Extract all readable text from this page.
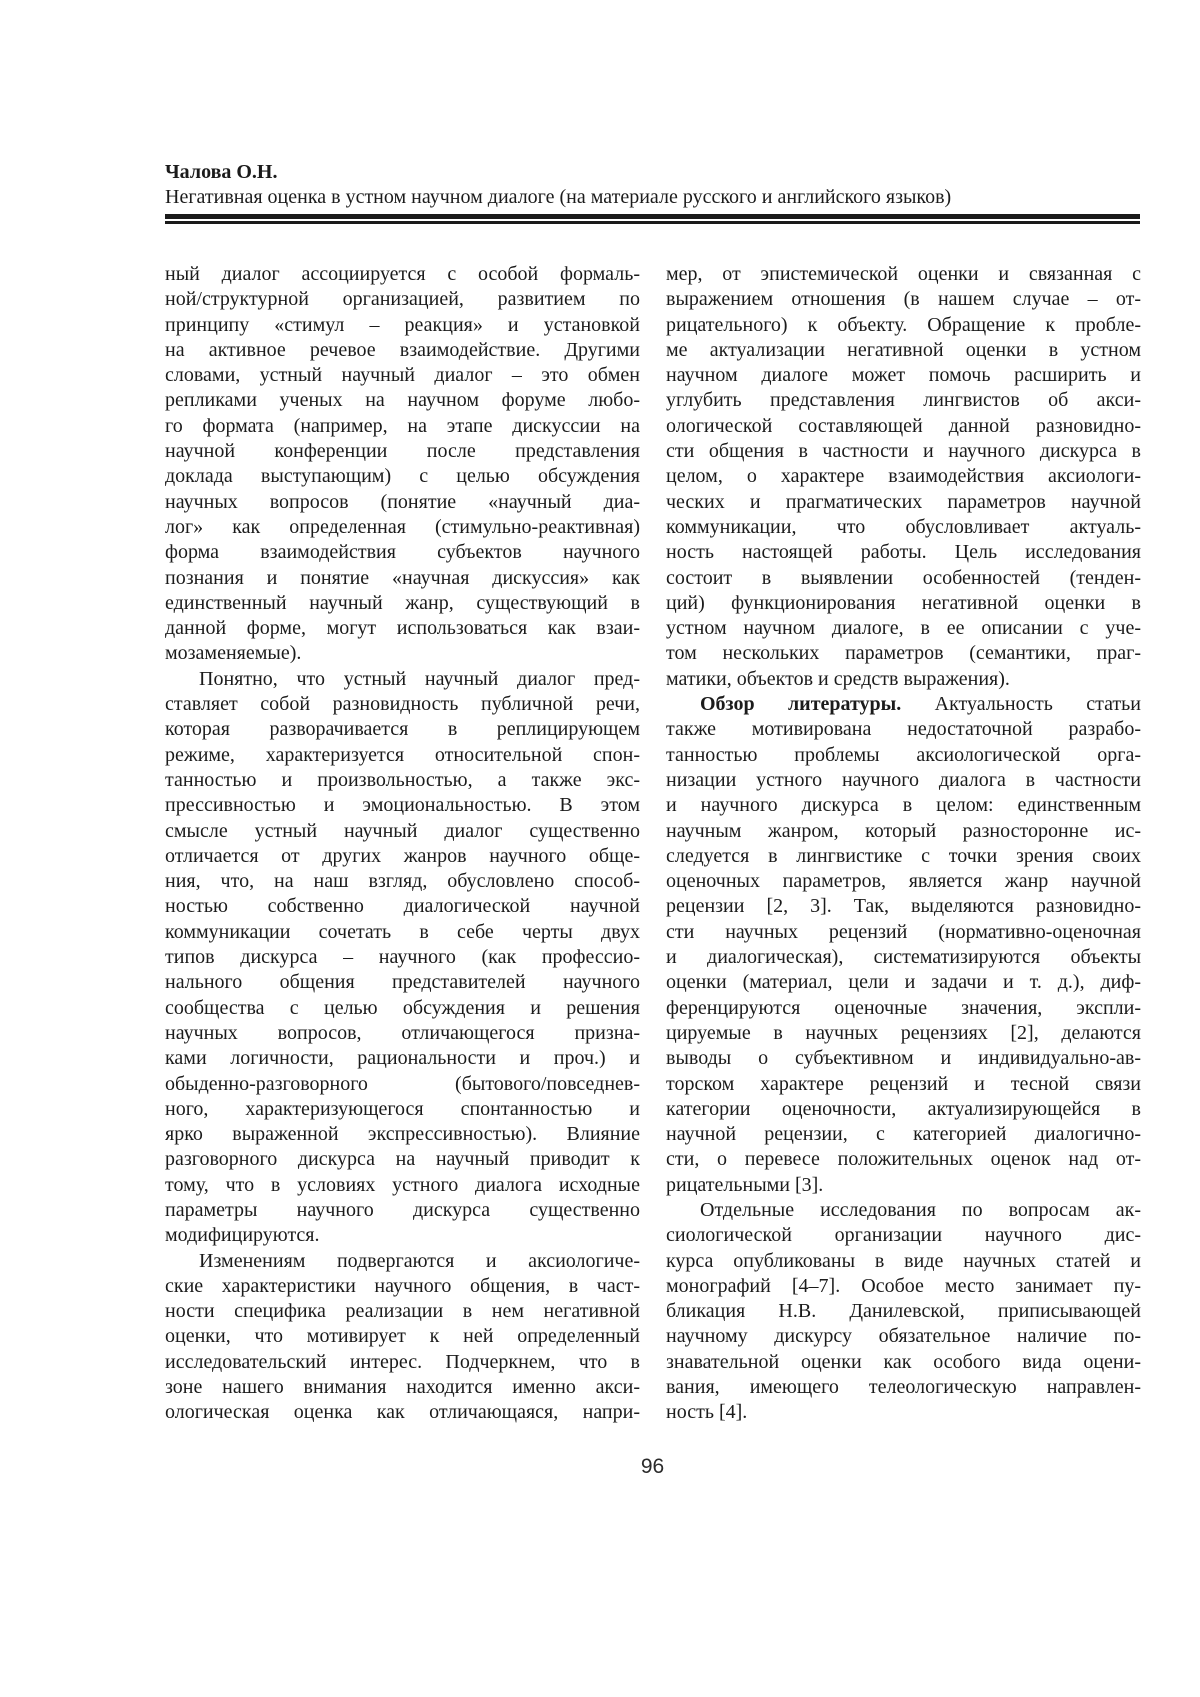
Чалова О.Н.
Негативная оценка в устном научном диалоге (на материале русского и английского языков)
ный диалог ассоциируется с особой формаль-
ной/структурной организацией, развитием по
принципу «стимул – реакция» и установкой
на активное речевое взаимодействие. Другими
словами, устный научный диалог – это обмен
репликами ученых на научном форуме любо-
го формата (например, на этапе дискуссии на
научной конференции после представления
доклада выступающим) с целью обсуждения
научных вопросов (понятие «научный диа-
лог» как определенная (стимульно-реактивная)
форма взаимодействия субъектов научного
познания и понятие «научная дискуссия» как
единственный научный жанр, существующий в
данной форме, могут использоваться как взаи-
мозаменяемые).
Понятно, что устный научный диалог пред-
ставляет собой разновидность публичной речи,
которая разворачивается в реплицирующем
режиме, характеризуется относительной спон-
танностью и произвольностью, а также экс-
прессивностью и эмоциональностью. В этом
смысле устный научный диалог существенно
отличается от других жанров научного обще-
ния, что, на наш взгляд, обусловлено способ-
ностью собственно диалогической научной
коммуникации сочетать в себе черты двух
типов дискурса – научного (как профессио-
нального общения представителей научного
сообщества с целью обсуждения и решения
научных вопросов, отличающегося призна-
ками логичности, рациональности и проч.) и
обыденно-разговорного (бытового/повседнев-
ного, характеризующегося спонтанностью и
ярко выраженной экспрессивностью). Влияние
разговорного дискурса на научный приводит к
тому, что в условиях устного диалога исходные
параметры научного дискурса существенно
модифицируются.
Изменениям подвергаются и аксиологиче-
ские характеристики научного общения, в част-
ности специфика реализации в нем негативной
оценки, что мотивирует к ней определенный
исследовательский интерес. Подчеркнем, что в
зоне нашего внимания находится именно акси-
ологическая оценка как отличающаяся, напри-
мер, от эпистемической оценки и связанная с
выражением отношения (в нашем случае – от-
рицательного) к объекту. Обращение к пробле-
ме актуализации негативной оценки в устном
научном диалоге может помочь расширить и
углубить представления лингвистов об акси-
ологической составляющей данной разновидно-
сти общения в частности и научного дискурса в
целом, о характере взаимодействия аксиологи-
ческих и прагматических параметров научной
коммуникации, что обусловливает актуаль-
ность настоящей работы. Цель исследования
состоит в выявлении особенностей (тенден-
ций) функционирования негативной оценки в
устном научном диалоге, в ее описании с уче-
том нескольких параметров (семантики, праг-
матики, объектов и средств выражения).
Обзор литературы. Актуальность статьи
также мотивирована недостаточной разрабо-
танностью проблемы аксиологической орга-
низации устного научного диалога в частности
и научного дискурса в целом: единственным
научным жанром, который разносторонне ис-
следуется в лингвистике с точки зрения своих
оценочных параметров, является жанр научной
рецензии [2, 3]. Так, выделяются разновидно-
сти научных рецензий (нормативно-оценочная
и диалогическая), систематизируются объекты
оценки (материал, цели и задачи и т. д.), диф-
ференцируются оценочные значения, экспли-
цируемые в научных рецензиях [2], делаются
выводы о субъективном и индивидуально-ав-
торском характере рецензий и тесной связи
категории оценочности, актуализирующейся в
научной рецензии, с категорией диалогично-
сти, о перевесе положительных оценок над от-
рицательными [3].
Отдельные исследования по вопросам ак-
сиологической организации научного дис-
курса опубликованы в виде научных статей и
монографий [4–7]. Особое место занимает пу-
бликация Н.В. Данилевской, приписывающей
научному дискурсу обязательное наличие по-
знавательной оценки как особого вида оцени-
вания, имеющего телеологическую направлен-
ность [4].
96
